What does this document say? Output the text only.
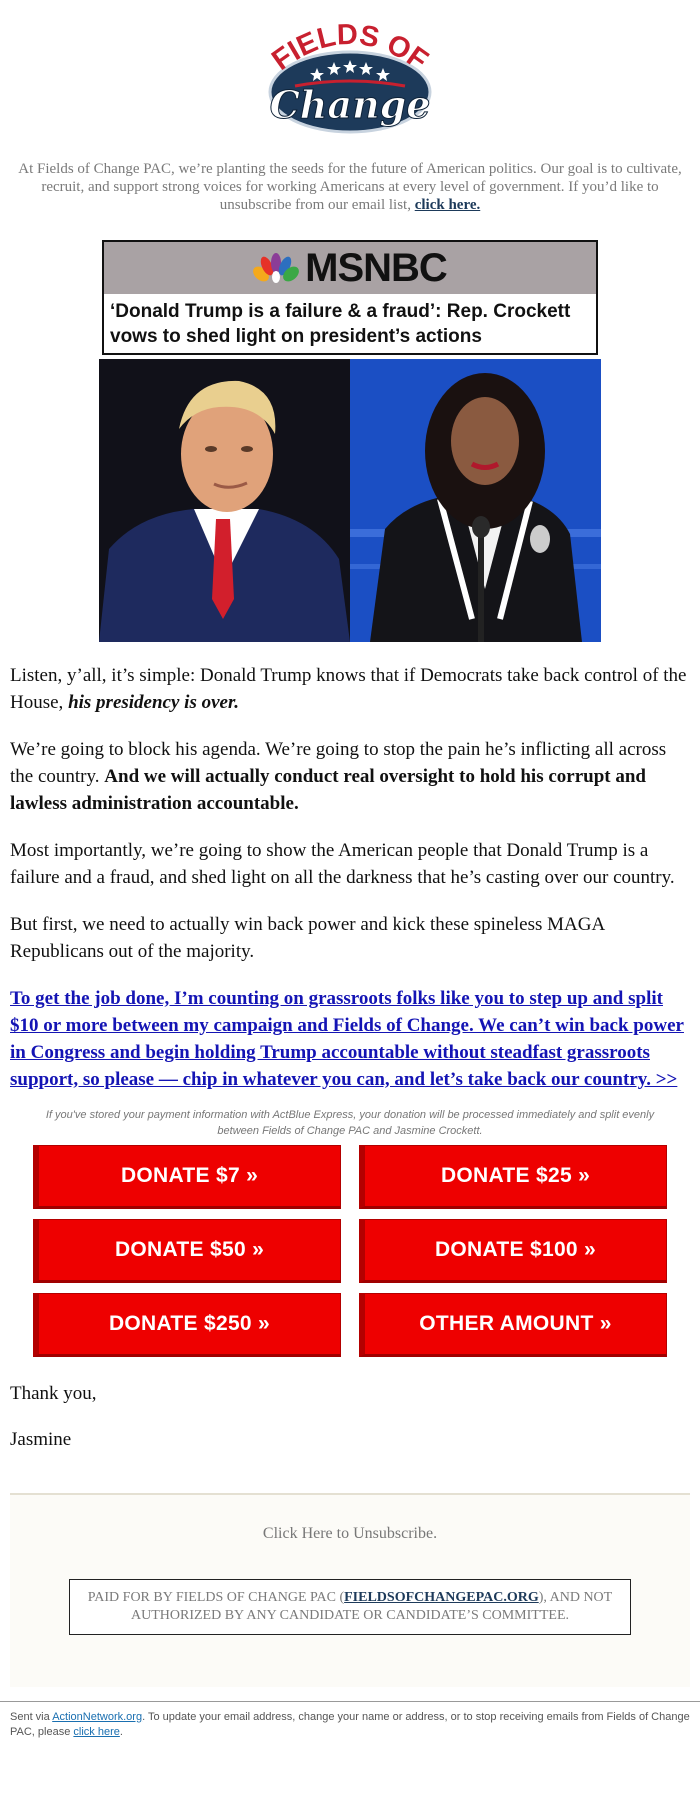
FIELDS OF
Change
At Fields of Change PAC, we’re planting the seeds for the future of American politics. Our goal is to cultivate, recruit, and support strong voices for working Americans at every level of government. If you’d like to unsubscribe from our email list, click here.
MSNBC
‘Donald Trump is a failure & a fraud’: Rep. Crockett vows to shed light on president’s actions

Listen, y’all, it’s simple: Donald Trump knows that if Democrats take back control of the House, his presidency is over.

We’re going to block his agenda. We’re going to stop the pain he’s inflicting all across the country. And we will actually conduct real oversight to hold his corrupt and lawless administration accountable.

Most importantly, we’re going to show the American people that Donald Trump is a failure and a fraud, and shed light on all the darkness that he’s casting over our country.

But first, we need to actually win back power and kick these spineless MAGA Republicans out of the majority.

To get the job done, I’m counting on grassroots folks like you to step up and split $10 or more between my campaign and Fields of Change. We can’t win back power in Congress and begin holding Trump accountable without steadfast grassroots support, so please — chip in whatever you can, and let’s take back our country. >>

If you've stored your payment information with ActBlue Express, your donation will be processed immediately and split evenly between Fields of Change PAC and Jasmine Crockett.
DONATE $7 »	DONATE $25 »
DONATE $50 »	DONATE $100 »
DONATE $250 »	OTHER AMOUNT »

Thank you,

Jasmine

Click Here to Unsubscribe.
PAID FOR BY FIELDS OF CHANGE PAC (FIELDSOFCHANGEPAC.ORG), AND NOT AUTHORIZED BY ANY CANDIDATE OR CANDIDATE’S COMMITTEE.
Sent via ActionNetwork.org. To update your email address, change your name or address, or to stop receiving emails from Fields of Change PAC, please click here.
